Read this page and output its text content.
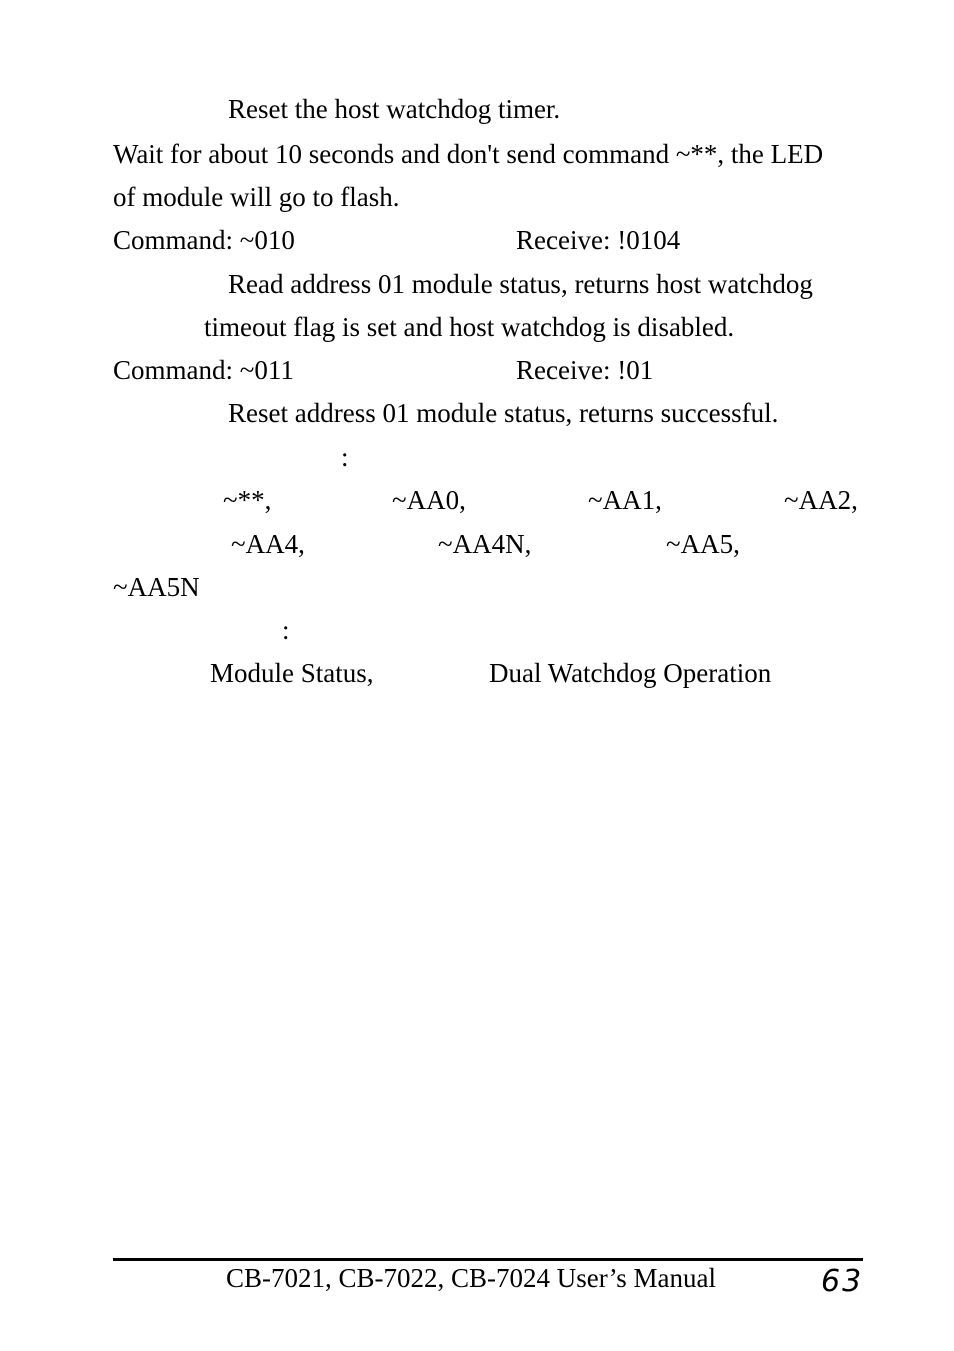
Reset the host watchdog timer.
Wait for about 10 seconds and don't send command ~**, the LED
of module will go to flash.
Command: ~010	Receive: !0104
Read address 01 module status, returns host watchdog
timeout flag is set and host watchdog is disabled.
Command: ~011	Receive: !01
Reset address 01 module status, returns successful.
:
~**,	~AA0,	~AA1,	~AA2,
~AA4,	~AA4N,	~AA5,
~AA5N
:
Module Status,	Dual Watchdog Operation
CB-7021, CB-7022, CB-7024 User’s Manual	63
